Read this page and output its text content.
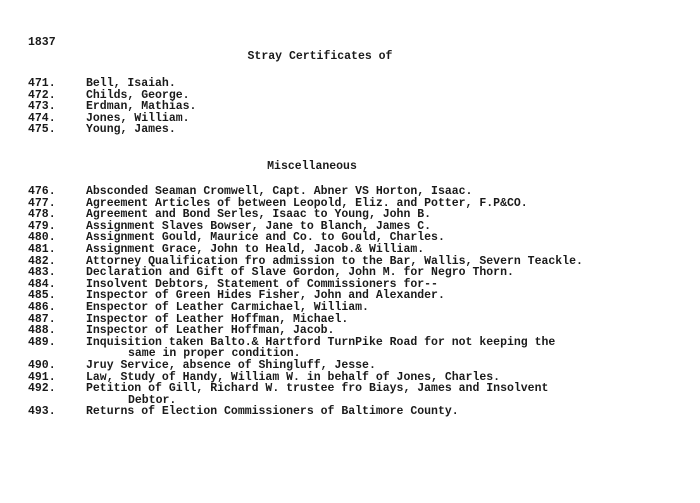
1837
Stray Certificates of
471.	Bell, Isaiah.
472.	Childs, George.
473.	Erdman, Mathias.
474.	Jones, William.
475.	Young, James.
Miscellaneous
476.	Absconded Seaman Cromwell, Capt. Abner VS Horton, Isaac.
477.	Agreement Articles of between Leopold, Eliz. and Potter, F.P&CO.
478.	Agreement and Bond Serles, Isaac to Young, John B.
479.	Assignment Slaves Bowser, Jane to Blanch, James C.
480.	Assignment Gould, Maurice and Co. to Gould, Charles.
481.	Assignment Grace, John to Heald, Jacob.& William.
482.	Attorney Qualification fro admission to the Bar, Wallis, Severn Teackle.
483.	Declaration and Gift of Slave Gordon, John M. for Negro Thorn.
484.	Insolvent Debtors, Statement of Commissioners for--
485.	Inspector of Green Hides Fisher, John and Alexander.
486.	Enspector of Leather Carmichael, William.
487.	Inspector of Leather Hoffman, Michael.
488.	Inspector of Leather Hoffman, Jacob.
489.	Inquisition taken Balto.& Hartford TurnPike Road for not keeping the
same in proper condition.
490.	Jruy Service, absence of Shingluff, Jesse.
491.	Law, Study of Handy, William W. in behalf of Jones, Charles.
492.	Petition of Gill, Richard W. trustee fro Biays, James and Insolvent
Debtor.
493.	Returns of Election Commissioners of Baltimore County.
